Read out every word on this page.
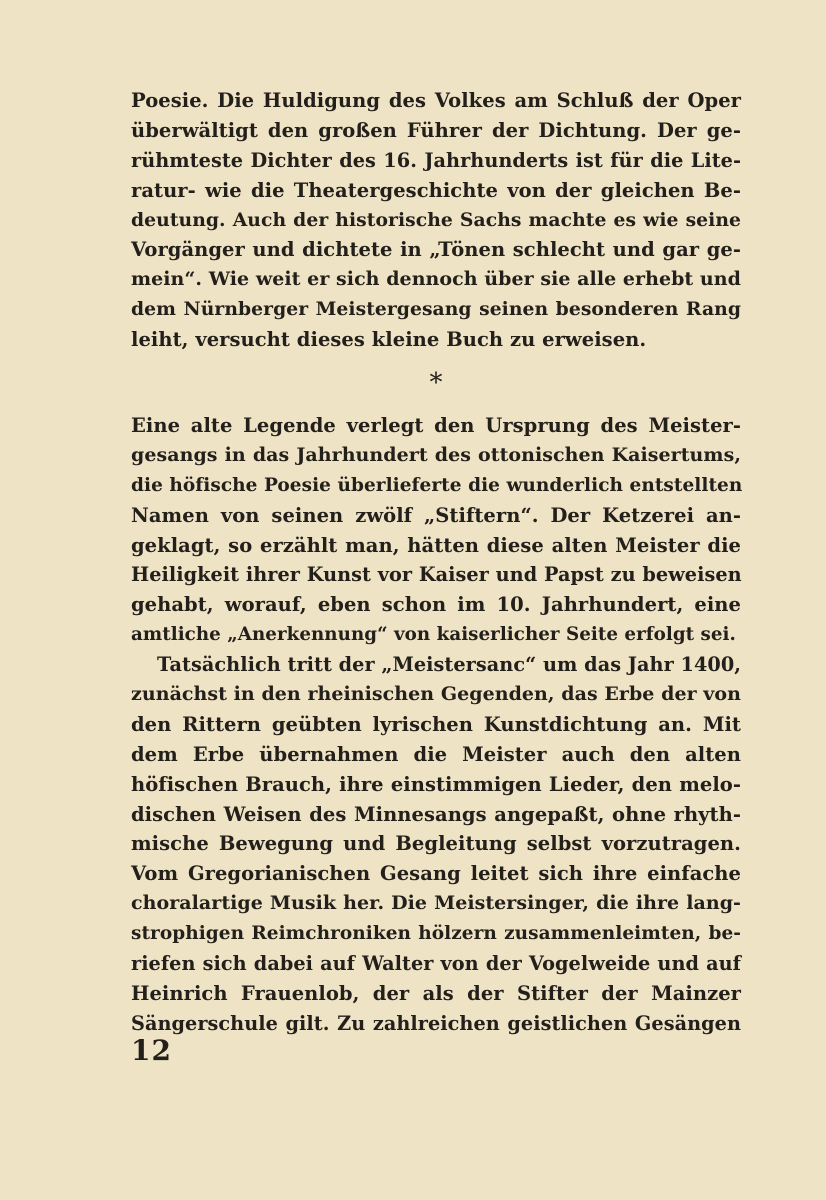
Poesie. Die Huldigung des Volkes am Schluß der Oper
überwältigt den großen Führer der Dichtung. Der ge-
rühmteste Dichter des 16. Jahrhunderts ist für die Lite-
ratur- wie die Theatergeschichte von der gleichen Be-
deutung. Auch der historische Sachs machte es wie seine
Vorgänger und dichtete in „Tönen schlecht und gar ge-
mein“. Wie weit er sich dennoch über sie alle erhebt und
dem Nürnberger Meistergesang seinen besonderen Rang
leiht, versucht dieses kleine Buch zu erweisen.
*
Eine alte Legende verlegt den Ursprung des Meister-
gesangs in das Jahrhundert des ottonischen Kaisertums,
die höfische Poesie überlieferte die wunderlich entstellten
Namen von seinen zwölf „Stiftern“. Der Ketzerei an-
geklagt, so erzählt man, hätten diese alten Meister die
Heiligkeit ihrer Kunst vor Kaiser und Papst zu beweisen
gehabt, worauf, eben schon im 10. Jahrhundert, eine
amtliche „Anerkennung“ von kaiserlicher Seite erfolgt sei.
Tatsächlich tritt der „Meistersanc“ um das Jahr 1400,
zunächst in den rheinischen Gegenden, das Erbe der von
den Rittern geübten lyrischen Kunstdichtung an. Mit
dem Erbe übernahmen die Meister auch den alten
höfischen Brauch, ihre einstimmigen Lieder, den melo-
dischen Weisen des Minnesangs angepaßt, ohne rhyth-
mische Bewegung und Begleitung selbst vorzutragen.
Vom Gregorianischen Gesang leitet sich ihre einfache
choralartige Musik her. Die Meistersinger, die ihre lang-
strophigen Reimchroniken hölzern zusammenleimten, be-
riefen sich dabei auf Walter von der Vogelweide und auf
Heinrich Frauenlob, der als der Stifter der Mainzer
Sängerschule gilt. Zu zahlreichen geistlichen Gesängen
12
